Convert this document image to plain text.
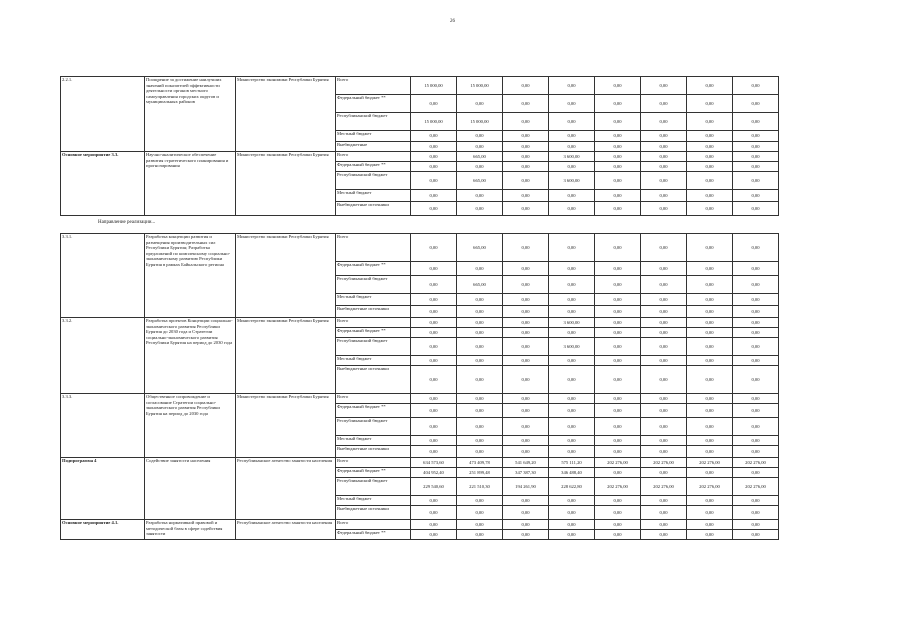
26
2.2.1.	Поощрение за достижение наилучших значений показателей эффективности деятельности органов местного самоуправления городских округов и муниципальных районов	Министерство экономики Республики Бурятия	Всего	15 000,00	15 000,00	0,00	0,00	0,00	0,00	0,00	0,00
			Федеральный бюджет **	0,00	0,00	0,00	0,00	0,00	0,00	0,00	0,00
			Республиканский бюджет	15 000,00	15 000,00	0,00	0,00	0,00	0,00	0,00	0,00
			Местный бюджет	0,00	0,00	0,00	0,00	0,00	0,00	0,00	0,00
			Внебюджетные	0,00	0,00	0,00	0,00	0,00	0,00	0,00	0,00
Основное мероприятие 3.3.	Научно-аналитическое обеспечение развития стратегического планирования и прогнозирования	Министерство экономики Республики Бурятия	Всего	0,00	665,00	0,00	3 600,00	0,00	0,00	0,00	0,00
			Федеральный бюджет **	0,00	0,00	0,00	0,00	0,00	0,00	0,00	0,00
			Республиканский бюджет	0,00	665,00	0,00	3 600,00	0,00	0,00	0,00	0,00
			Местный бюджет	0,00	0,00	0,00	0,00	0,00	0,00	0,00	0,00
			Внебюджетные источники	0,00	0,00	0,00	0,00	0,00	0,00	0,00	0,00
Направление реализации...
3.3.1.	Разработка концепции развития и размещения производительных сил Республики Бурятия; Разработка предложений по комплексному социально-экономическому развитию Республики Бурятия в рамках Байкальского региона	Министерство экономики Республики Бурятия	Всего	0,00	665,00	0,00	0,00	0,00	0,00	0,00	0,00
			Федеральный бюджет **	0,00	0,00	0,00	0,00	0,00	0,00	0,00	0,00
			Республиканский бюджет	0,00	665,00	0,00	0,00	0,00	0,00	0,00	0,00
			Местный бюджет	0,00	0,00	0,00	0,00	0,00	0,00	0,00	0,00
			Внебюджетные источники	0,00	0,00	0,00	0,00	0,00	0,00	0,00	0,00
3.3.2.	Разработка проектов Концепции социально-экономического развития Республики Бурятия до 2030 года и Стратегии социально-экономического развития Республики Бурятия на период до 2030 года	Министерство экономики Республики Бурятия	Всего	0,00	0,00	0,00	3 600,00	0,00	0,00	0,00	0,00
			Федеральный бюджет **	0,00	0,00	0,00	0,00	0,00	0,00	0,00	0,00
			Республиканский бюджет	0,00	0,00	0,00	3 600,00	0,00	0,00	0,00	0,00
			Местный бюджет	0,00	0,00	0,00	0,00	0,00	0,00	0,00	0,00
			Внебюджетные источники	0,00	0,00	0,00	0,00	0,00	0,00	0,00	0,00
3.3.3.	Общественное сопровождение и согласование Стратегии социально-экономического развития Республики Бурятия на период до 2030 года	Министерство экономики Республики Бурятия	Всего	0,00	0,00	0,00	0,00	0,00	0,00	0,00	0,00
			Федеральный бюджет **	0,00	0,00	0,00	0,00	0,00	0,00	0,00	0,00
			Республиканский бюджет	0,00	0,00	0,00	0,00	0,00	0,00	0,00	0,00
			Местный бюджет	0,00	0,00	0,00	0,00	0,00	0,00	0,00	0,00
			Внебюджетные источники	0,00	0,00	0,00	0,00	0,00	0,00	0,00	0,00
Подпрограмма 4	Содействие занятости населения	Республиканское агентство занятости населения	Всего	634 573,60	473 409,78	541 649,20	575 111,20	202 276,00	202 276,00	202 276,00	202 276,00
			Федеральный бюджет **	404 952,40	251 899,48	347 387,30	346 488,40	0,00	0,00	0,00	0,00
			Республиканский бюджет	229 540,60	221 510,30	194 261,90	228 622,80	202 276,00	202 276,00	202 276,00	202 276,00
			Местный бюджет	0,00	0,00	0,00	0,00	0,00	0,00	0,00	0,00
			Внебюджетные источники	0,00	0,00	0,00	0,00	0,00	0,00	0,00	0,00
Основное мероприятие 4.1.	Разработка нормативной правовой и методической базы в сфере содействия занятости	Республиканское агентство занятости населения	Всего	0,00	0,00	0,00	0,00	0,00	0,00	0,00	0,00
			Федеральный бюджет **	0,00	0,00	0,00	0,00	0,00	0,00	0,00	0,00
